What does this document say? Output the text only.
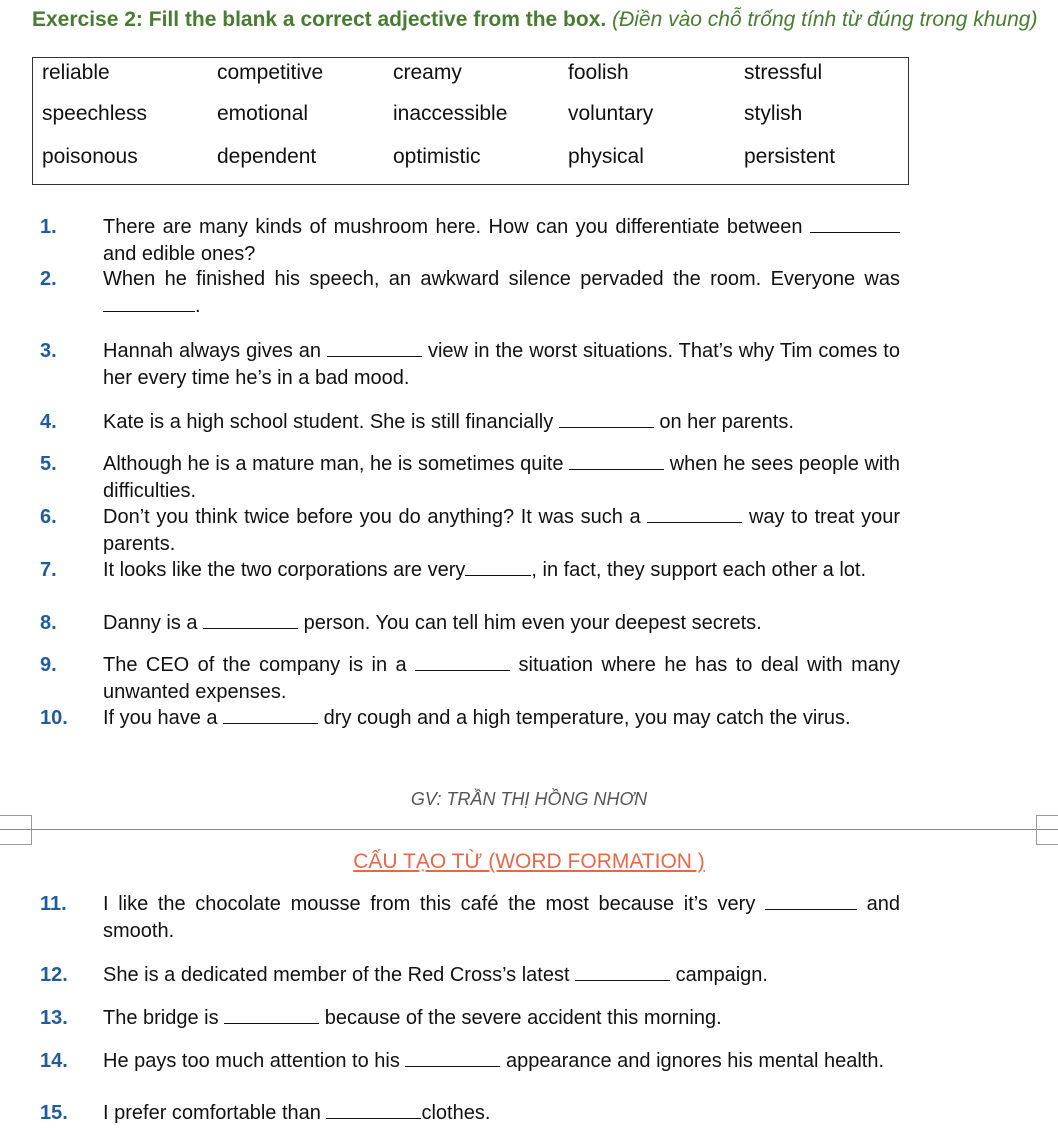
Exercise 2: Fill the blank a correct adjective from the box. (Điền vào chỗ trống tính từ đúng trong khung)
reliable	competitive	creamy	foolish	stressful
speechless	emotional	inaccessible	voluntary	stylish
poisonous	dependent	optimistic	physical	persistent
1. There are many kinds of mushroom here. How can you differentiate between  and edible ones?
2. When he finished his speech, an awkward silence pervaded the room. Everyone was .
3. Hannah always gives an	view in the worst situations. That’s why Tim comes to her every time he’s in a bad mood.
4. Kate is a high school student. She is still financially	on her parents.
5. Although he is a mature man, he is sometimes quite	when he sees people with difficulties.
6. Don’t you think twice before you do anything? It was such a	way to treat your parents.
7. It looks like the two corporations are very	, in fact, they support each other a lot.
8. Danny is a	person. You can tell him even your deepest secrets.
9. The CEO of the company is in a	situation where he has to deal with many unwanted expenses.
10. If you have a	dry cough and a high temperature, you may catch the virus.
GV: TRẦN THỊ HỒNG NHƠN
CẤU TẠO TỪ (WORD FORMATION )
11. I like the chocolate mousse from this café the most because it’s very	and smooth.
12. She is a dedicated member of the Red Cross’s latest	campaign.
13. The bridge is	because of the severe accident this morning.
14. He pays too much attention to his	appearance and ignores his mental health.
15. I prefer comfortable than	clothes.
